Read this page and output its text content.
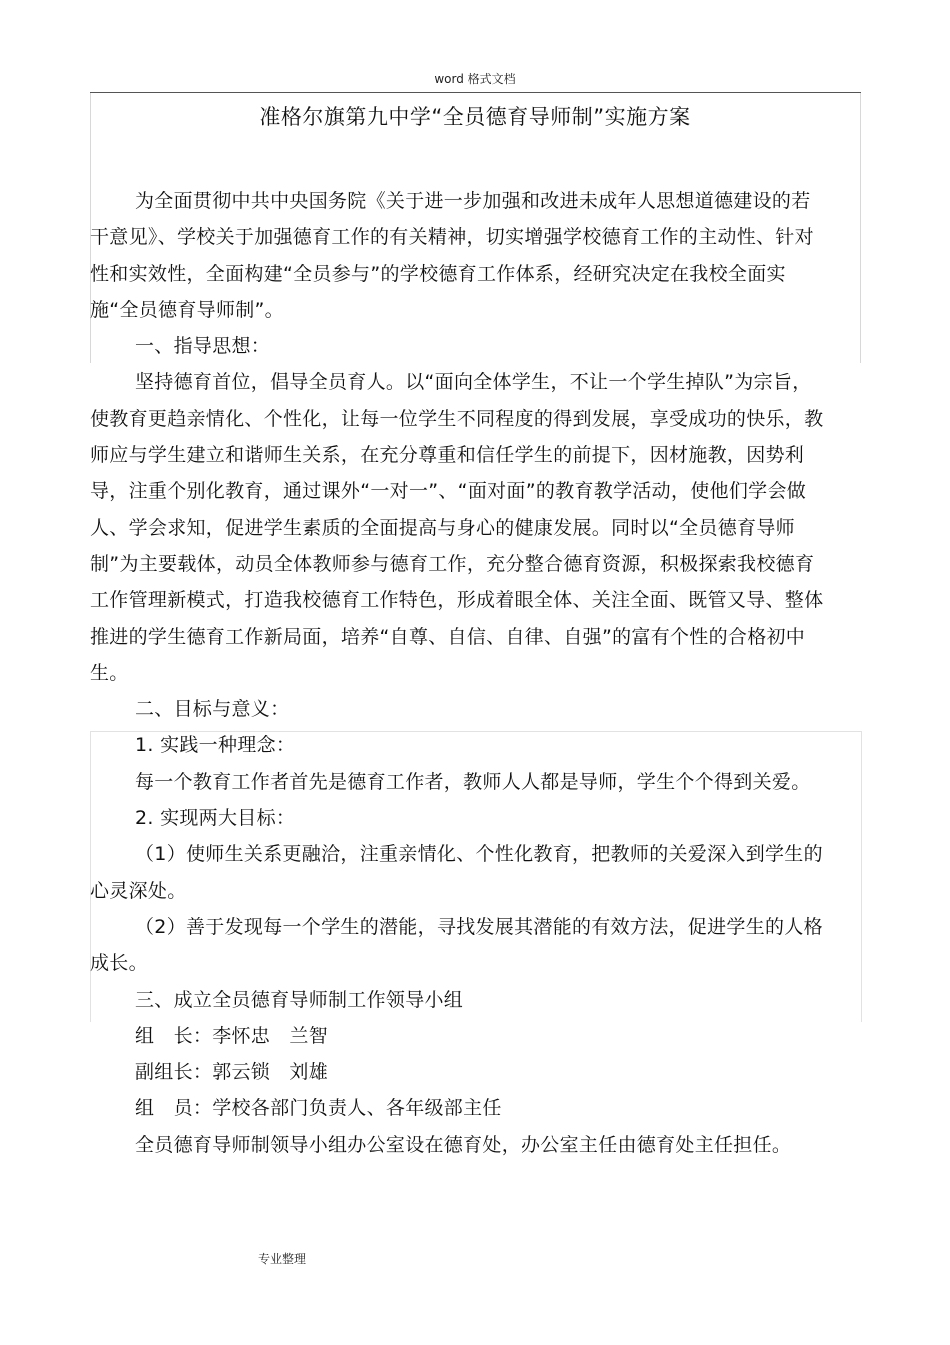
word 格式文档
准格尔旗第九中学“全员德育导师制”实施方案

为全面贯彻中共中央国务院《关于进一步加强和改进未成年人思想道德建设的若干意见》、学校关于加强德育工作的有关精神，切实增强学校德育工作的主动性、针对性和实效性，全面构建“全员参与”的学校德育工作体系，经研究决定在我校全面实施“全员德育导师制”。

一、指导思想：

坚持德育首位，倡导全员育人。以“面向全体学生，不让一个学生掉队”为宗旨，使教育更趋亲情化、个性化，让每一位学生不同程度的得到发展，享受成功的快乐，教师应与学生建立和谐师生关系，在充分尊重和信任学生的前提下，因材施教，因势利导，注重个别化教育，通过课外“一对一”、“面对面”的教育教学活动，使他们学会做人、学会求知，促进学生素质的全面提高与身心的健康发展。同时以“全员德育导师制”为主要载体，动员全体教师参与德育工作，充分整合德育资源，积极探索我校德育工作管理新模式，打造我校德育工作特色，形成着眼全体、关注全面、既管又导、整体推进的学生德育工作新局面，培养“自尊、自信、自律、自强”的富有个性的合格初中生。

二、目标与意义：

1. 实践一种理念：

每一个教育工作者首先是德育工作者，教师人人都是导师，学生个个得到关爱。

2. 实现两大目标：

（1）使师生关系更融洽，注重亲情化、个性化教育，把教师的关爱深入到学生的心灵深处。

（2）善于发现每一个学生的潜能，寻找发展其潜能的有效方法，促进学生的人格成长。

三、成立全员德育导师制工作领导小组

组　长：李怀忠　兰智

副组长：郭云锁　刘雄

组　员：学校各部门负责人、各年级部主任

全员德育导师制领导小组办公室设在德育处，办公室主任由德育处主任担任。

专业整理
